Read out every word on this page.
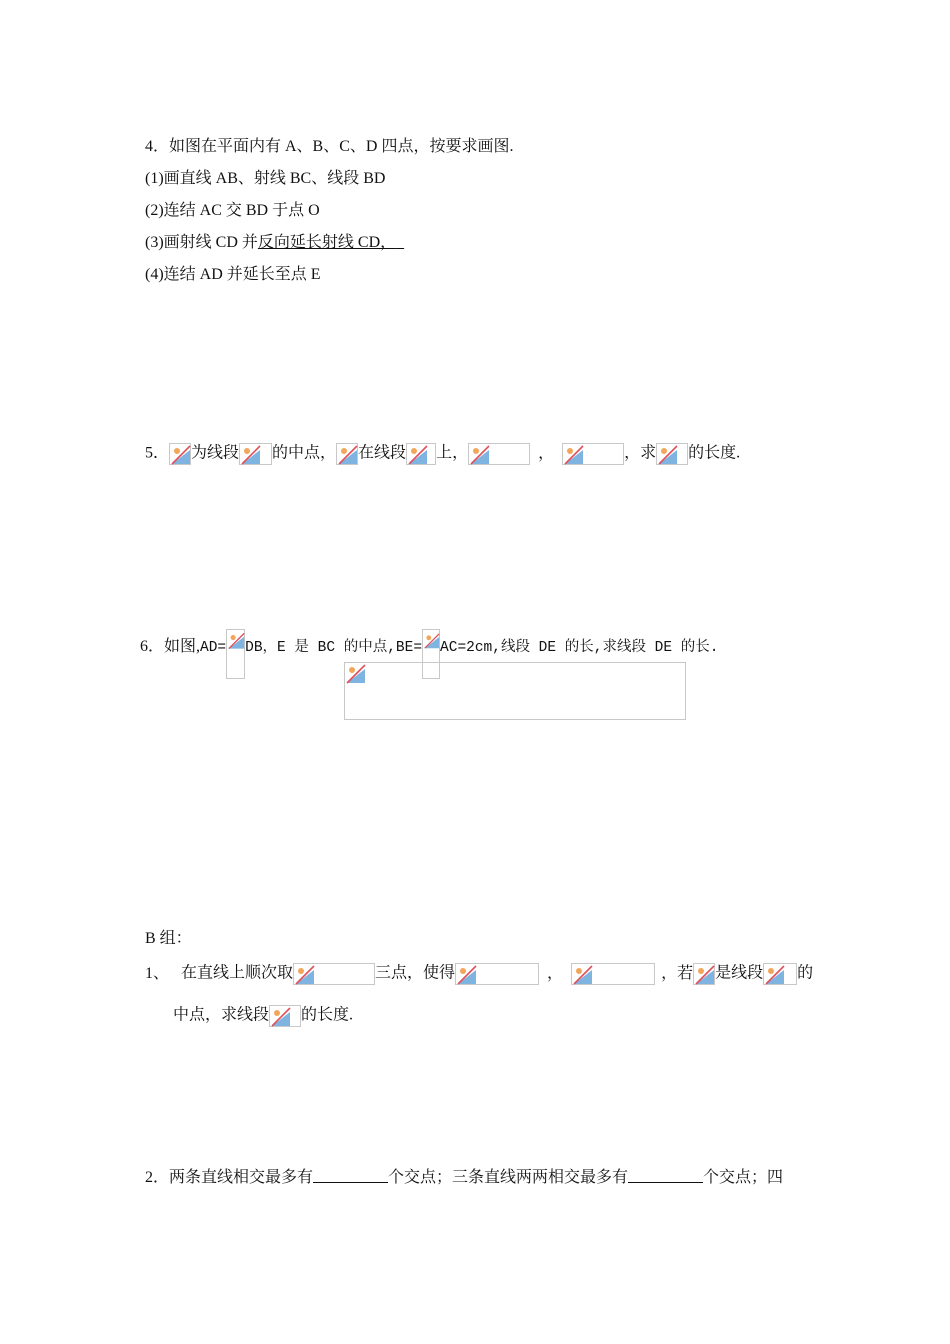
4．如图在平面内有 A、B、C、D 四点，按要求画图.
(1)画直线 AB、射线 BC、线段 BD
(2)连结 AC 交 BD 于点 O
(3)画射线 CD 并反向延长射线 CD，
(4)连结 AD 并延长至点 E
5． 为线段 的中点， 在线段 上，	，	，求 的长度.
6．如图,AD= DB，E 是 BC 的中点,BE= AC=2cm,线段 DE 的长,求线段 DE 的长.
B 组：
1、 在直线上顺次取	三点，使得	，	，若 是线段 的
中点，求线段 的长度.
2．两条直线相交最多有	个交点；三条直线两两相交最多有	个交点；四
